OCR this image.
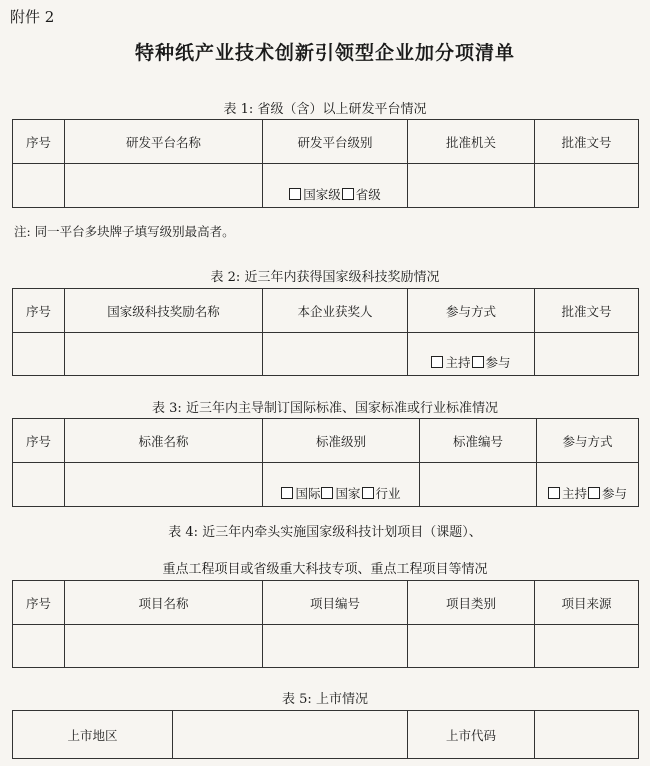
附件 2
特种纸产业技术创新引领型企业加分项清单
表 1: 省级（含）以上研发平台情况
序号	研发平台名称	研发平台级别	批准机关	批准文号

		国家级 省级		

注: 同一平台多块牌子填写级别最高者。
表 2: 近三年内获得国家级科技奖励情况
序号	国家级科技奖励名称	本企业获奖人	参与方式	批准文号

			主持 参与	

表 3: 近三年内主导制订国际标准、国家标准或行业标准情况
序号	标准名称	标准级别	标准编号	参与方式

		国际 国家 行业		主持 参与
表 4: 近三年内牵头实施国家级科技计划项目（课题）、
重点工程项目或省级重大科技专项、重点工程项目等情况
序号	项目名称	项目编号	项目类别	项目来源

表 5: 上市情况
上市地区		上市代码	
